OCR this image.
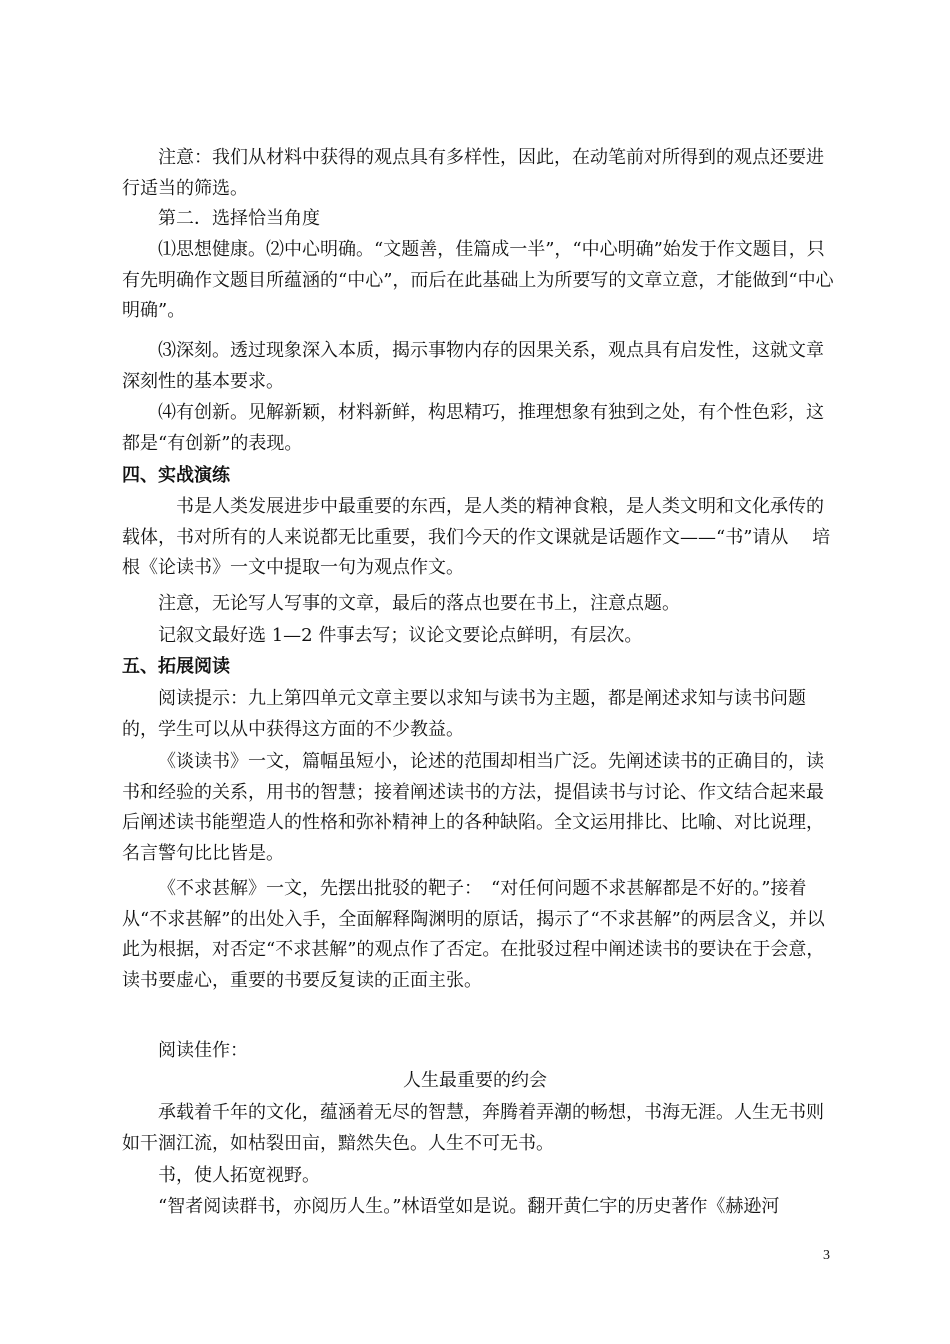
注意：我们从材料中获得的观点具有多样性，因此，在动笔前对所得到的观点还要进行适当的筛选。

第二．选择恰当角度

⑴思想健康。⑵中心明确。“文题善，佳篇成一半”，“中心明确”始发于作文题目，只有先明确作文题目所蕴涵的“中心”，而后在此基础上为所要写的文章立意，才能做到“中心明确”。

⑶深刻。透过现象深入本质，揭示事物内存的因果关系，观点具有启发性，这就文章深刻性的基本要求。

⑷有创新。见解新颖，材料新鲜，构思精巧，推理想象有独到之处，有个性色彩，这都是“有创新”的表现。

四、实战演练

书是人类发展进步中最重要的东西，是人类的精神食粮，是人类文明和文化承传的载体，书对所有的人来说都无比重要，我们今天的作文课就是话题作文——“书”请从　 培根《论读书》一文中提取一句为观点作文。

注意，无论写人写事的文章，最后的落点也要在书上，注意点题。

记叙文最好选 1—2 件事去写；议论文要论点鲜明，有层次。

五、拓展阅读

阅读提示：九上第四单元文章主要以求知与读书为主题，都是阐述求知与读书问题的，学生可以从中获得这方面的不少教益。

《谈读书》一文，篇幅虽短小，论述的范围却相当广泛。先阐述读书的正确目的，读书和经验的关系，用书的智慧；接着阐述读书的方法，提倡读书与讨论、作文结合起来最后阐述读书能塑造人的性格和弥补精神上的各种缺陷。全文运用排比、比喻、对比说理，名言警句比比皆是。

《不求甚解》一文，先摆出批驳的靶子：　“对任何问题不求甚解都是不好的。”接着从“不求甚解”的出处入手，全面解释陶渊明的原话，揭示了“不求甚解”的两层含义，并以此为根据，对否定“不求甚解”的观点作了否定。在批驳过程中阐述读书的要诀在于会意，读书要虚心，重要的书要反复读的正面主张。

阅读佳作：
人生最重要的约会

承载着千年的文化，蕴涵着无尽的智慧，奔腾着弄潮的畅想，书海无涯。人生无书则如干涸江流，如枯裂田亩，黯然失色。人生不可无书。

书，使人拓宽视野。

“智者阅读群书，亦阅历人生。”林语堂如是说。翻开黄仁宇的历史著作《赫逊河

3
